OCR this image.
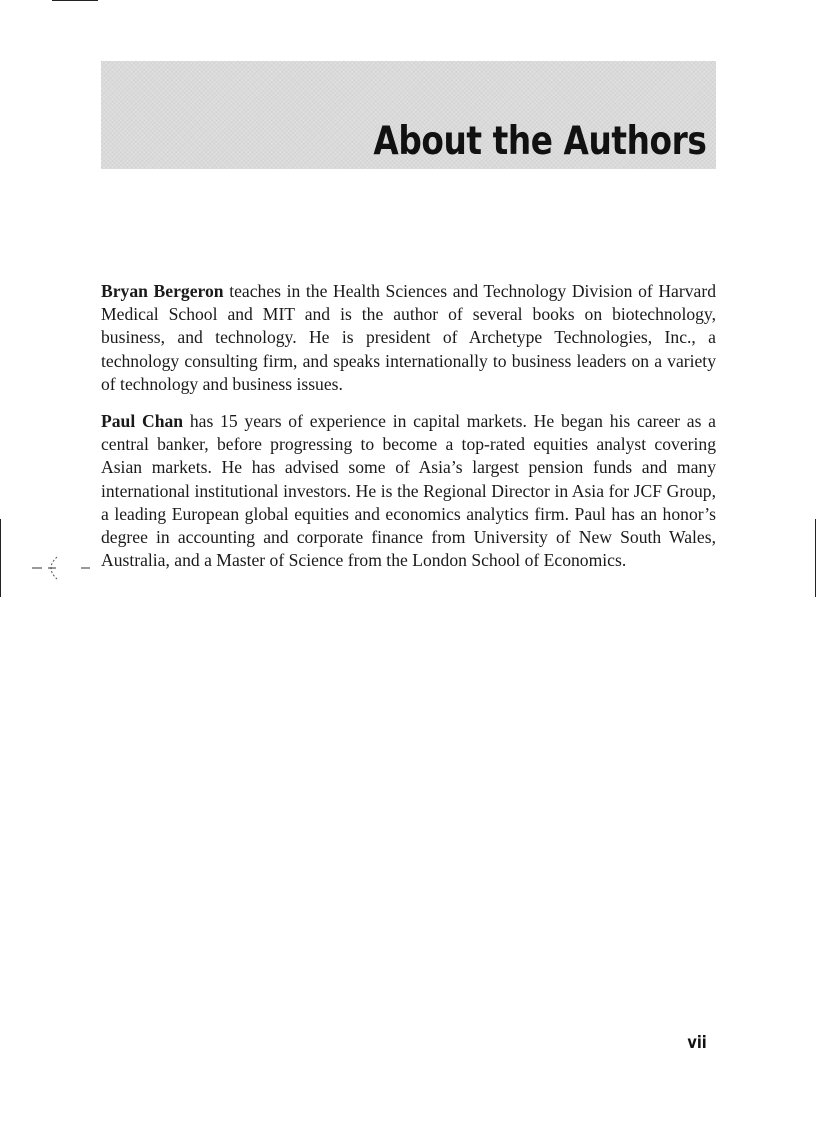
About the Authors

Bryan Bergeron teaches in the Health Sciences and Technology Division of Harvard Medical School and MIT and is the author of several books on biotechnology, business, and technology. He is president of Archetype Technologies, Inc., a technology consulting firm, and speaks internationally to business leaders on a variety of technology and business issues.

Paul Chan has 15 years of experience in capital markets. He began his career as a central banker, before progressing to become a top-rated equities analyst covering Asian markets. He has advised some of Asia’s largest pension funds and many international institutional investors. He is the Regional Director in Asia for JCF Group, a leading European global equities and economics analytics firm. Paul has an honor’s degree in accounting and corporate finance from University of New South Wales, Australia, and a Master of Science from the London School of Economics.

vii
